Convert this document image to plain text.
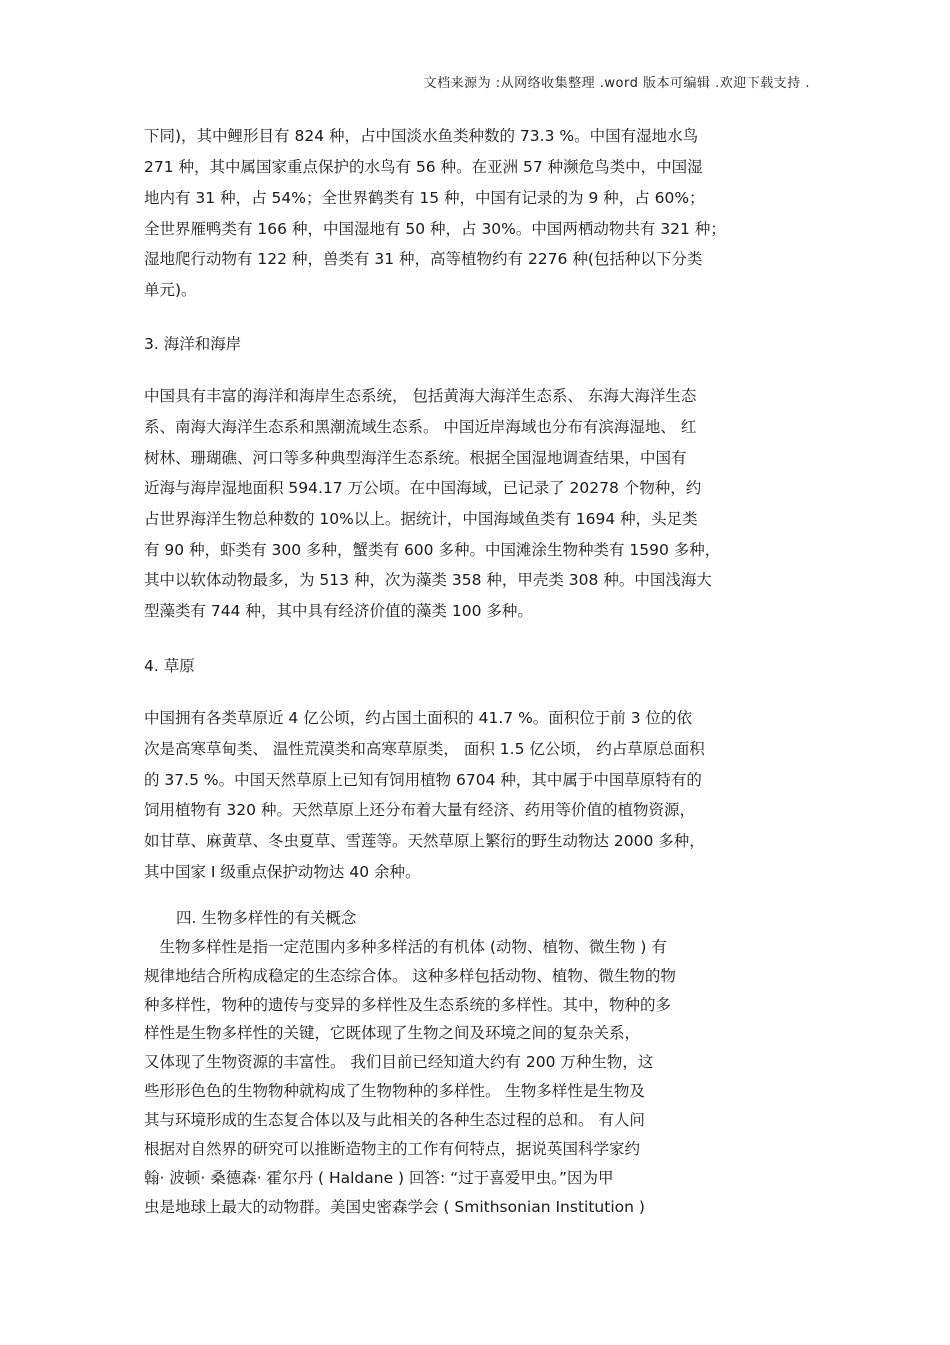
文档来源为 :从网络收集整理 .word 版本可编辑 .欢迎下载支持 .
下同)，其中鲤形目有 824 种，占中国淡水鱼类种数的 73.3 %。中国有湿地水鸟
271 种，其中属国家重点保护的水鸟有 56 种。在亚洲 57 种濒危鸟类中，中国湿
地内有 31 种，占 54%；全世界鹤类有 15 种，中国有记录的为 9 种，占 60%；
全世界雁鸭类有 166 种，中国湿地有 50 种，占 30%。中国两栖动物共有 321 种；
湿地爬行动物有 122 种，兽类有 31 种，高等植物约有 2276 种(包括种以下分类
单元)。
3. 海洋和海岸
中国具有丰富的海洋和海岸生态系统， 包括黄海大海洋生态系、 东海大海洋生态
系、南海大海洋生态系和黑潮流域生态系。 中国近岸海域也分布有滨海湿地、 红
树林、珊瑚礁、河口等多种典型海洋生态系统。根据全国湿地调查结果，中国有
近海与海岸湿地面积 594.17 万公顷。在中国海域，已记录了 20278 个物种，约
占世界海洋生物总种数的 10%以上。据统计，中国海域鱼类有 1694 种，头足类
有 90 种，虾类有 300 多种，蟹类有 600 多种。中国滩涂生物种类有 1590 多种，
其中以软体动物最多，为 513 种，次为藻类 358 种，甲壳类 308 种。中国浅海大
型藻类有 744 种，其中具有经济价值的藻类 100 多种。
4. 草原
中国拥有各类草原近 4 亿公顷，约占国土面积的 41.7 %。面积位于前 3 位的依
次是高寒草甸类、 温性荒漠类和高寒草原类， 面积 1.5 亿公顷， 约占草原总面积
的 37.5 %。中国天然草原上已知有饲用植物 6704 种，其中属于中国草原特有的
饲用植物有 320 种。天然草原上还分布着大量有经济、药用等价值的植物资源，
如甘草、麻黄草、冬虫夏草、雪莲等。天然草原上繁衍的野生动物达 2000 多种，
其中国家 Ⅰ 级重点保护动物达 40 余种。
四. 生物多样性的有关概念
　生物多样性是指一定范围内多种多样活的有机体 (动物、植物、微生物 ) 有
规律地结合所构成稳定的生态综合体。 这种多样包括动物、植物、微生物的物
种多样性，物种的遗传与变异的多样性及生态系统的多样性。其中，物种的多
样性是生物多样性的关键，它既体现了生物之间及环境之间的复杂关系，
又体现了生物资源的丰富性。 我们目前已经知道大约有 200 万种生物，这
些形形色色的生物物种就构成了生物物种的多样性。 生物多样性是生物及
其与环境形成的生态复合体以及与此相关的各种生态过程的总和。 有人问
根据对自然界的研究可以推断造物主的工作有何特点，据说英国科学家约
翰· 波顿· 桑德森· 霍尔丹 ( Haldane ) 回答: “过于喜爱甲虫。”因为甲
虫是地球上最大的动物群。美国史密森学会 ( Smithsonian Institution )
